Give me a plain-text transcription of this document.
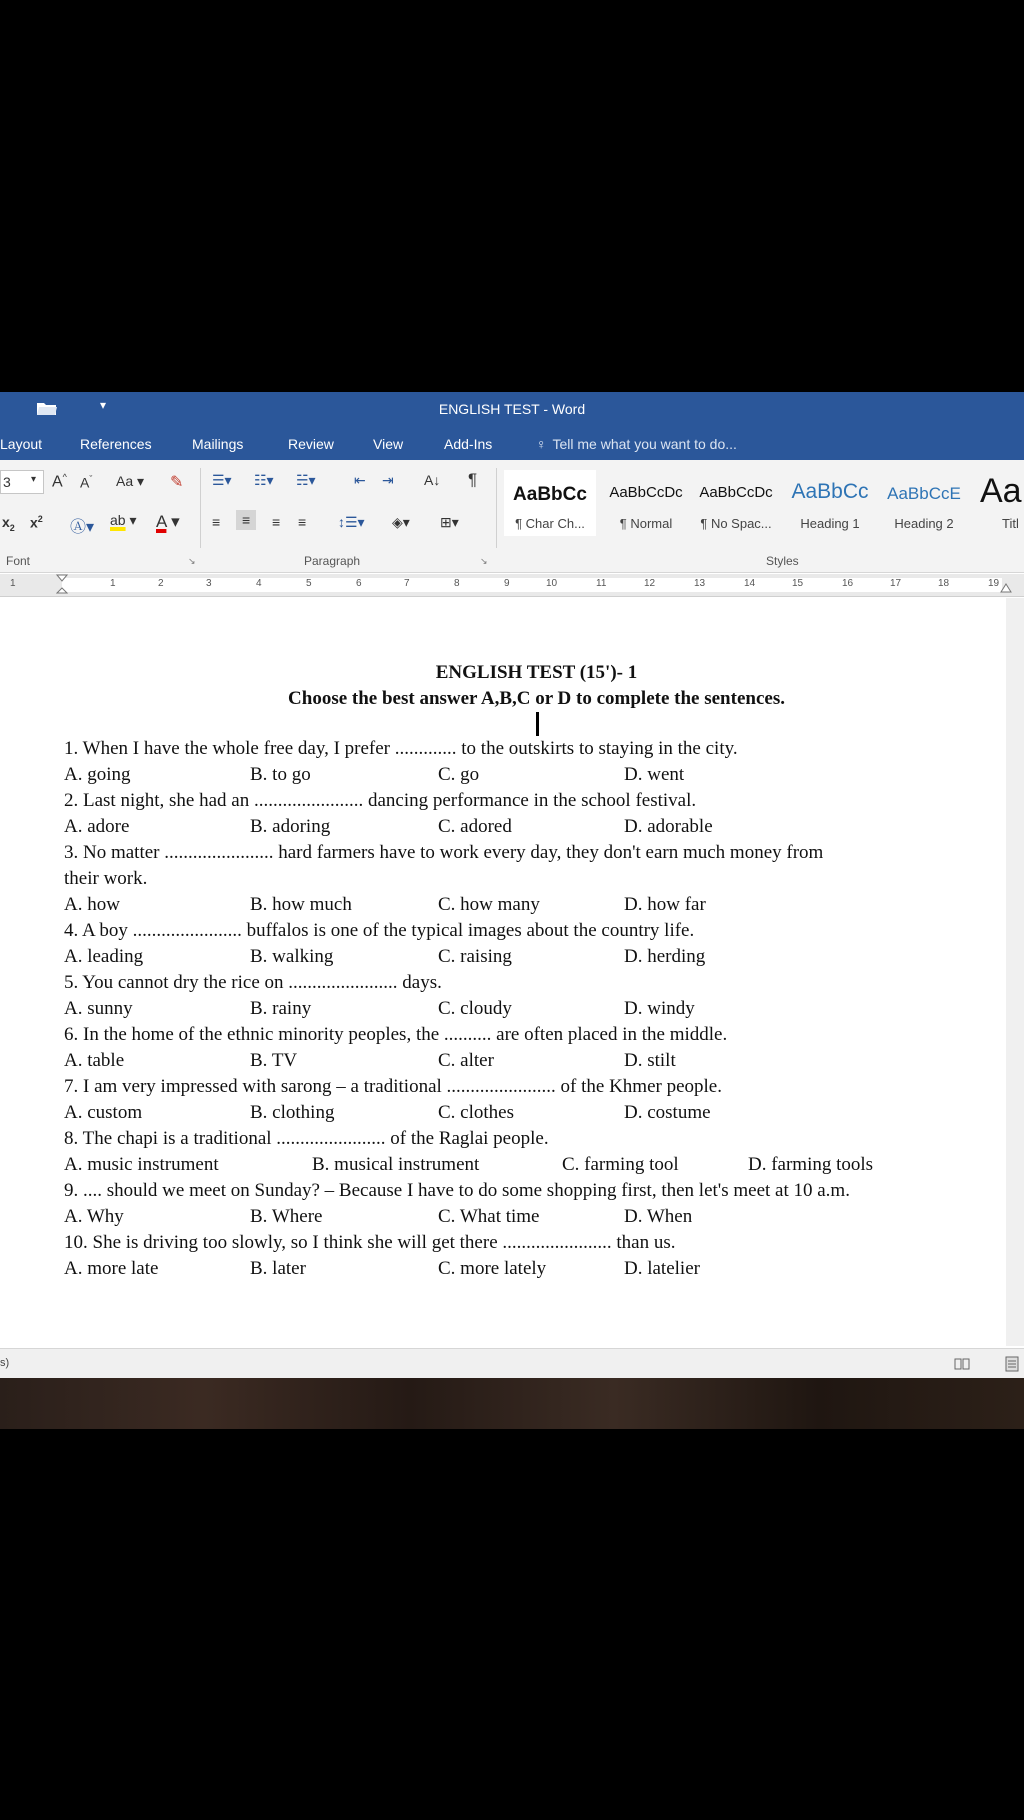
▾	ENGLISH TEST - Word
Layout	References	Mailings	Review	View	Add-Ins	♀ Tell me what you want to do...
3 ▾ A^ $A^ˇ$ Aa ▾ ✎
$x_2$ $x^2$ Ⓐ▾ ab ▾ A ▾
☰▾ ☷▾ ☵▾	⇤ ⇥ A↓ ¶
≡	≡	≡ ≡ ↕☰▾ ◈▾ ⊞▾
AaBbCc
¶ Char Ch...
AaBbCcDc
¶ Normal
AaBbCcDc
¶ No Spac...
AaBbCc
Heading 1
AaBbCcE
Heading 2
Aa
Titl
Font	↘	Paragraph	↘	Styles
1	1	2	3	4	5	6	7	8	9	10	11	12	13	14	15	16	17	18	19
ENGLISH TEST (15')- 1
Choose the best answer A,B,C or D to complete the sentences.
1. When I have the whole free day, I prefer ............. to the outskirts to staying in the city.
A. going	B. to go	C. go	D. went
2. Last night, she had an ....................... dancing performance in the school festival.
A. adore	B. adoring	C. adored	D. adorable
3. No matter ....................... hard farmers have to work every day, they don't earn much money from
their work.
A. how	B. how much	C. how many	D. how far
4. A boy ....................... buffalos is one of the typical images about the country life.
A. leading	B. walking	C. raising	D. herding
5. You cannot dry the rice on ....................... days.
A. sunny	B. rainy	C. cloudy	D. windy
6. In the home of the ethnic minority peoples, the .......... are often placed in the middle.
A. table	B. TV	C. alter	D. stilt
7. I am very impressed with sarong – a traditional ....................... of the Khmer people.
A. custom	B. clothing	C. clothes	D. costume
8. The chapi is a traditional ....................... of the Raglai people.
A. music instrument	B. musical instrument	C. farming tool	D. farming tools
9. .... should we meet on Sunday? – Because I have to do some shopping first, then let's meet at 10 a.m.
A. Why	B. Where	C. What time	D. When
10. She is driving too slowly, so I think she will get there ....................... than us.
A. more late	B. later	C. more lately	D. latelier
s)
